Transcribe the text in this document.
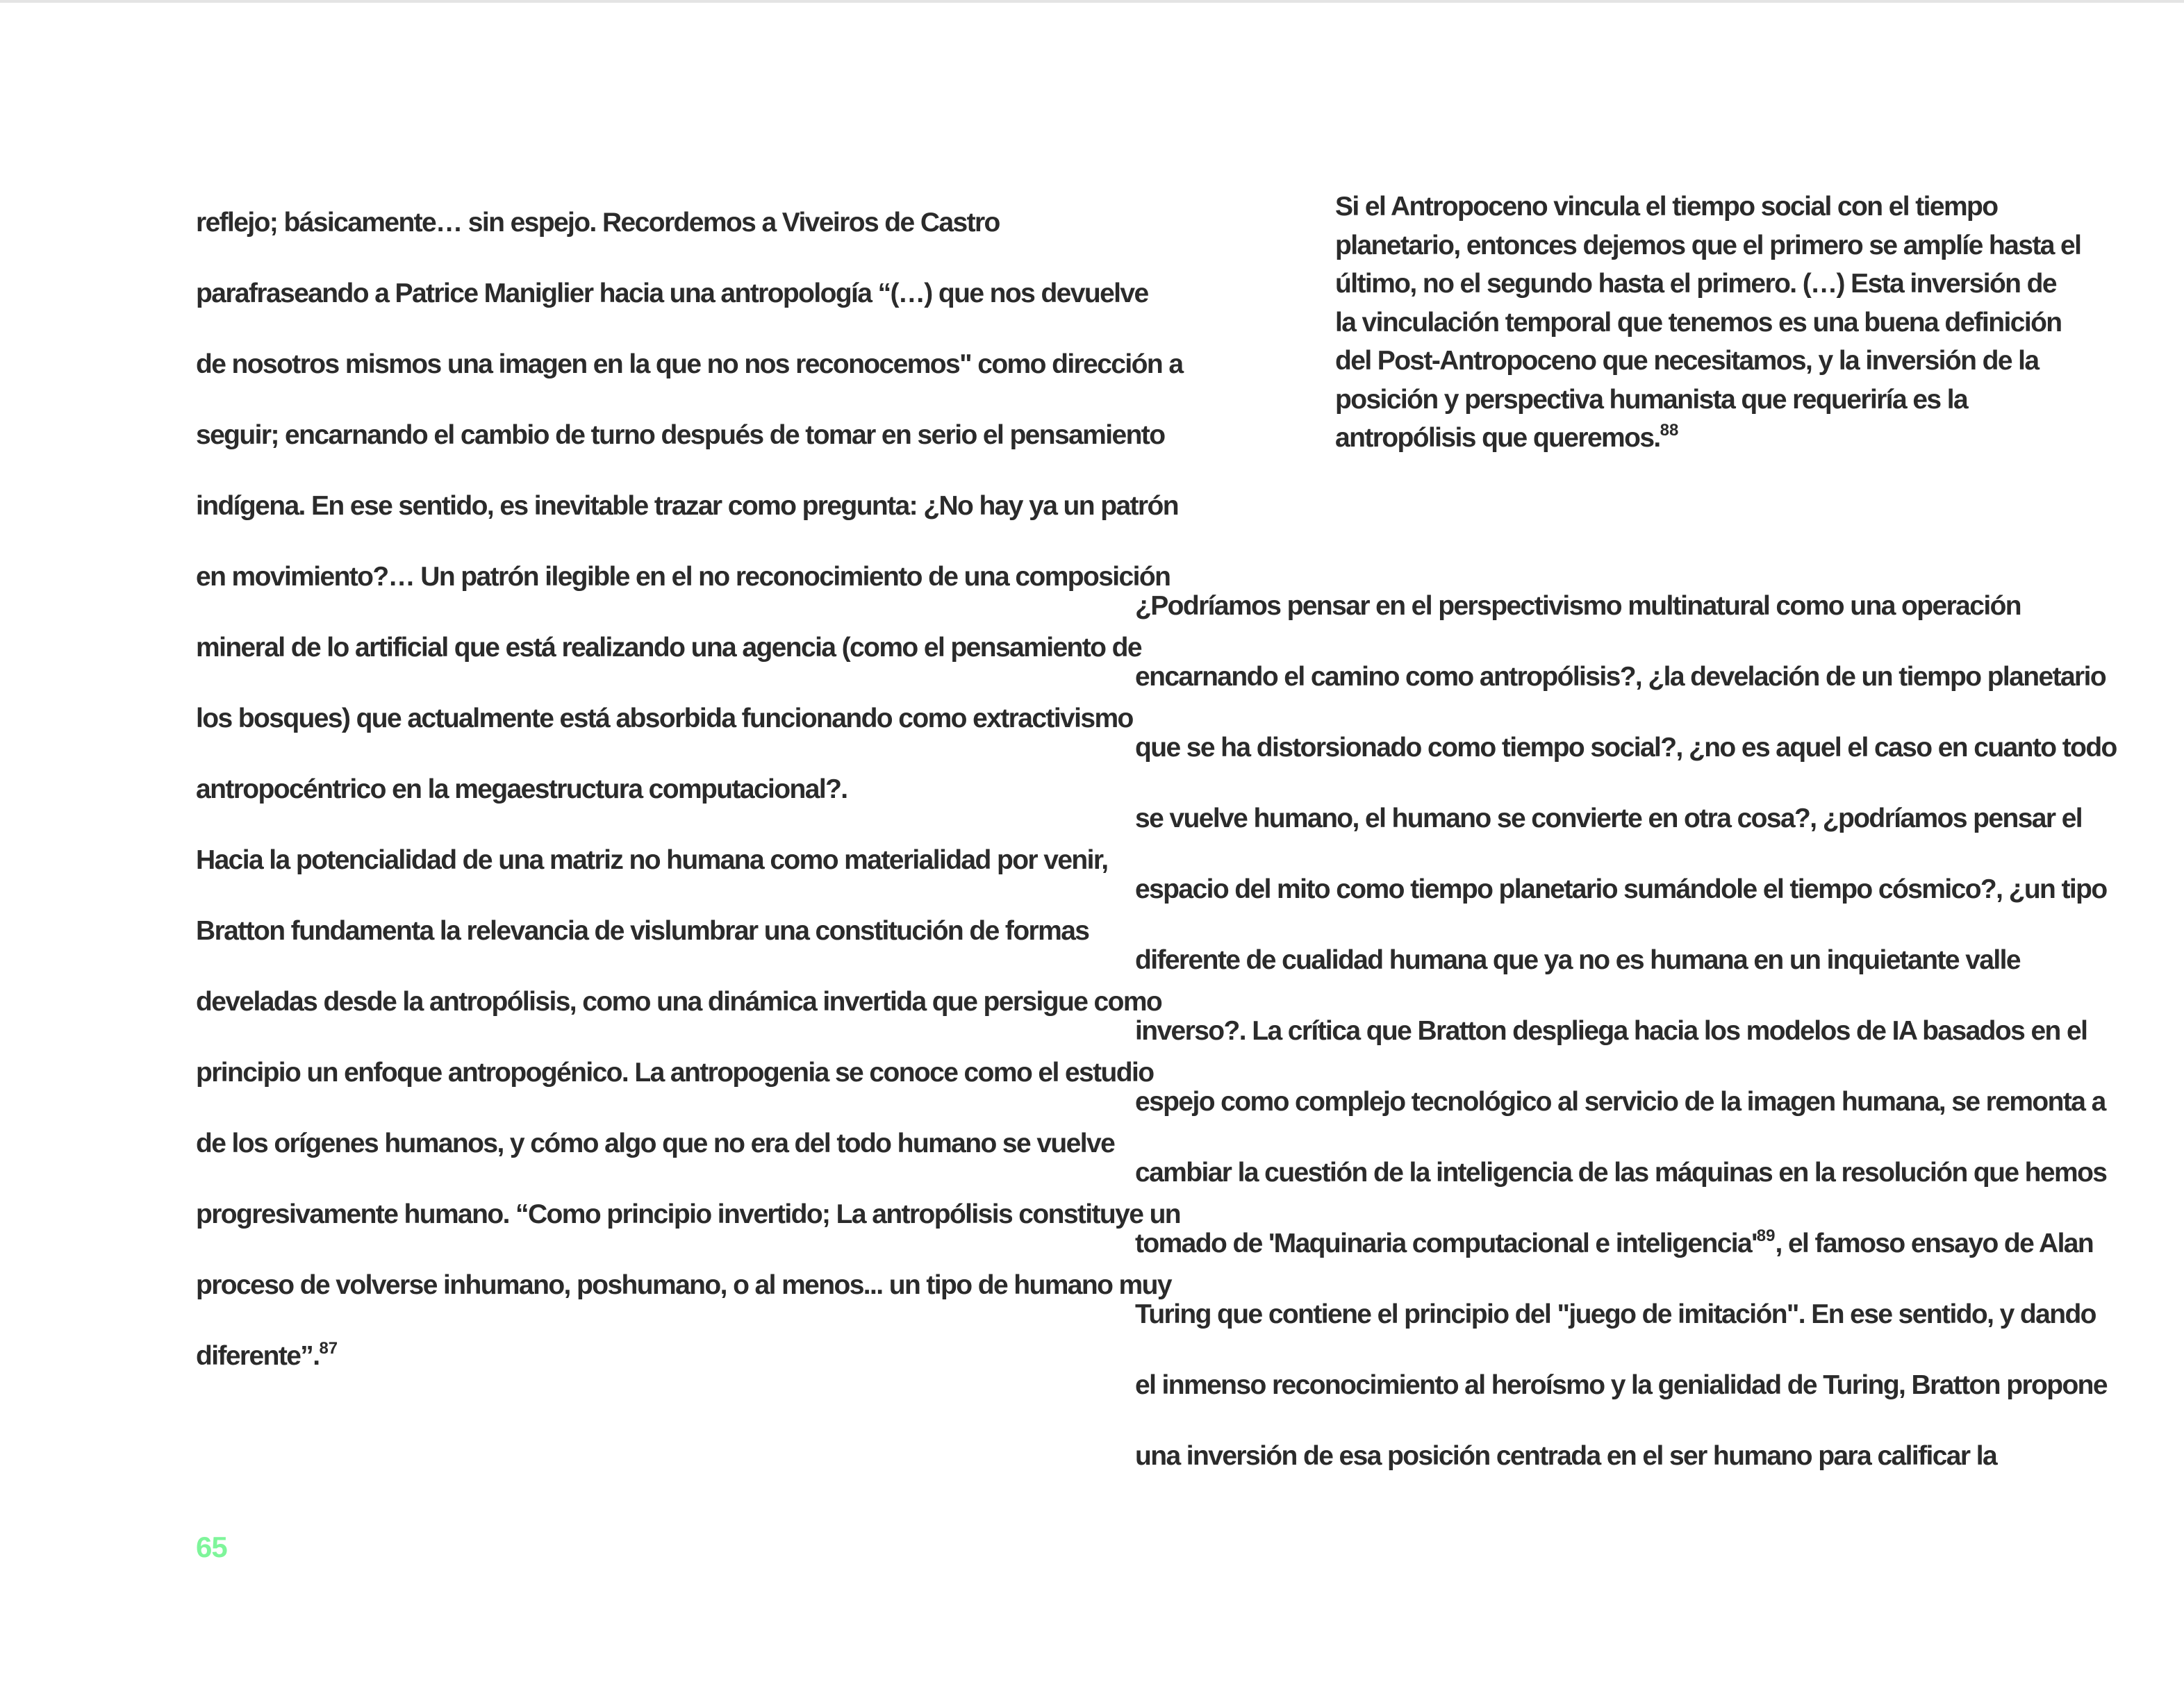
reflejo; básicamente… sin espejo. Recordemos a Viveiros de Castro
parafraseando a Patrice Maniglier hacia una antropología “(…) que nos devuelve
de nosotros mismos una imagen en la que no nos reconocemos" como dirección a
seguir; encarnando el cambio de turno después de tomar en serio el pensamiento
indígena. En ese sentido, es inevitable trazar como pregunta: ¿No hay ya un patrón
en movimiento?… Un patrón ilegible en el no reconocimiento de una composición
mineral de lo artificial que está realizando una agencia (como el pensamiento de
los bosques) que actualmente está absorbida funcionando como extractivismo
antropocéntrico en la megaestructura computacional?.
Hacia la potencialidad de una matriz no humana como materialidad por venir,
Bratton fundamenta la relevancia de vislumbrar una constitución de formas
develadas desde la antropólisis, como una dinámica invertida que persigue como
principio un enfoque antropogénico. La antropogenia se conoce como el estudio
de los orígenes humanos, y cómo algo que no era del todo humano se vuelve
progresivamente humano. “Como principio invertido; La antropólisis constituye un
proceso de volverse inhumano, poshumano, o al menos... un tipo de humano muy
diferente”.$^{87}$
65
Si el Antropoceno vincula el tiempo social con el tiempo
planetario, entonces dejemos que el primero se amplíe hasta el
último, no el segundo hasta el primero. (…) Esta inversión de
la vinculación temporal que tenemos es una buena definición
del Post-Antropoceno que necesitamos, y la inversión de la
posición y perspectiva humanista que requeriría es la
antropólisis que queremos.$^{88}$
¿Podríamos pensar en el perspectivismo multinatural como una operación
encarnando el camino como antropólisis?, ¿la develación de un tiempo planetario
que se ha distorsionado como tiempo social?, ¿no es aquel el caso en cuanto todo
se vuelve humano, el humano se convierte en otra cosa?, ¿podríamos pensar el
espacio del mito como tiempo planetario sumándole el tiempo cósmico?, ¿un tipo
diferente de cualidad humana que ya no es humana en un inquietante valle
inverso?. La crítica que Bratton despliega hacia los modelos de IA basados en el
espejo como complejo tecnológico al servicio de la imagen humana, se remonta a
cambiar la cuestión de la inteligencia de las máquinas en la resolución que hemos
tomado de 'Maquinaria computacional e $inteligencia'^{89}$, el famoso ensayo de Alan
Turing que contiene el principio del "juego de imitación". En ese sentido, y dando
el inmenso reconocimiento al heroísmo y la genialidad de Turing, Bratton propone
una inversión de esa posición centrada en el ser humano para calificar la
